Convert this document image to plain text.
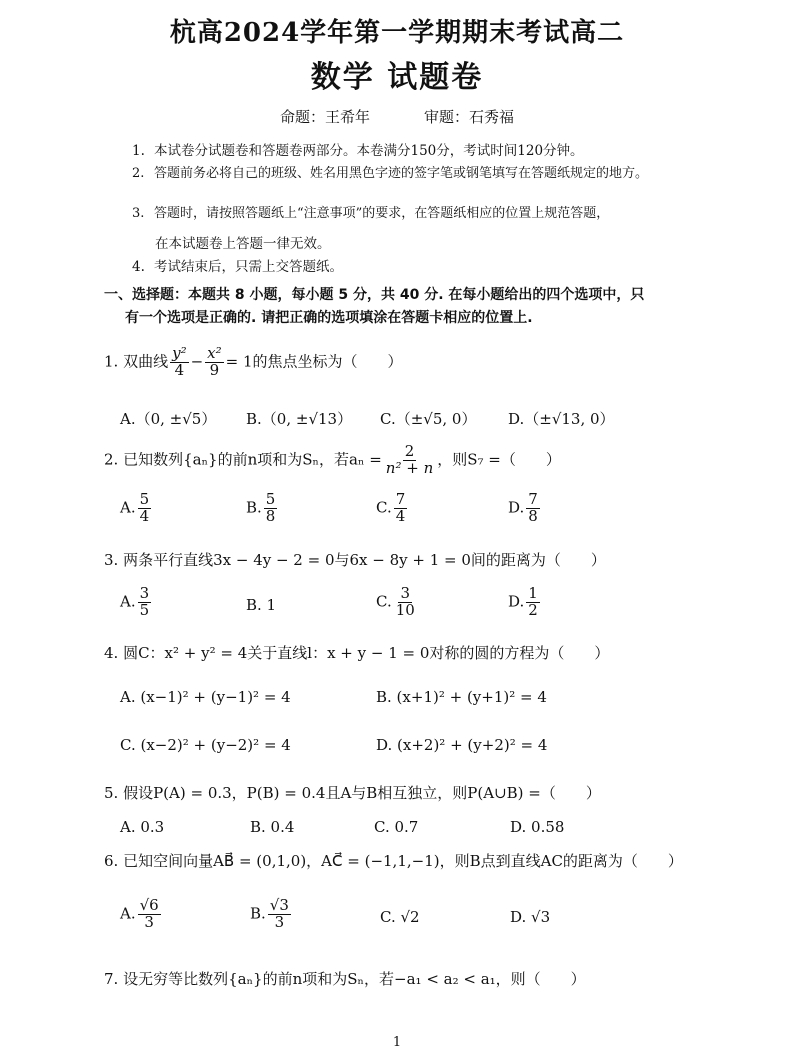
杭高2024学年第一学期期末考试高二
数学 试题卷
命题：王希年	审题：石秀福
1. 本试卷分试题卷和答题卷两部分。本卷满分150分，考试时间120分钟。
2. 答题前务必将自己的班级、姓名用黑色字迹的签字笔或钢笔填写在答题纸规定的地方。
3. 答题时，请按照答题纸上“注意事项”的要求，在答题纸相应的位置上规范答题，
在本试题卷上答题一律无效。
4. 考试结束后，只需上交答题纸。
一、选择题：本题共 8 小题，每小题 5 分，共 40 分. 在每小题给出的四个选项中，只
有一个选项是正确的. 请把正确的选项填涂在答题卡相应的位置上.
1. 双曲线 $\frac{\text{y²}}{4} - \frac{\text{x²}}{9} = 1$的焦点坐标为（　　）
A.（0, ±√5） B.（0, ±√13） C.（±√5, 0） D.（±√13, 0）
2. 已知数列{aₙ}的前n项和为Sₙ，若$a_n = \frac{2}{\text{n² + n}}$ ，则S₇ =（　　）
A. $\frac{5}{4}$	B. $\frac{5}{8}$	C. $\frac{7}{4}$	D. $\frac{7}{8}$
3. 两条平行直线3x − 4y − 2 = 0与6x − 8y + 1 = 0间的距离为（　　）
A. $\frac{3}{5}$	B. 1	C. $\frac{3}{10}$	D. $\frac{1}{2}$
4. 圆C：x² + y² = 4关于直线l：x + y − 1 = 0对称的圆的方程为（　　）
A. (x−1)² + (y−1)² = 4	B. (x+1)² + (y+1)² = 4
C. (x−2)² + (y−2)² = 4	D. (x+2)² + (y+2)² = 4
5. 假设P(A) = 0.3，P(B) = 0.4且A与B相互独立，则P(A∪B) =（　　）
A. 0.3	B. 0.4	C. 0.7	D. 0.58
6. 已知空间向量AB⃗ = (0,1,0)，AC⃗ = (−1,1,−1)，则B点到直线AC的距离为（　　）
A. $\frac{√6}{3}$	B. $\frac{√3}{3}$	C. √2	D. √3
7. 设无穷等比数列{aₙ}的前n项和为Sₙ，若−a₁ < a₂ < a₁，则（　　）
1
